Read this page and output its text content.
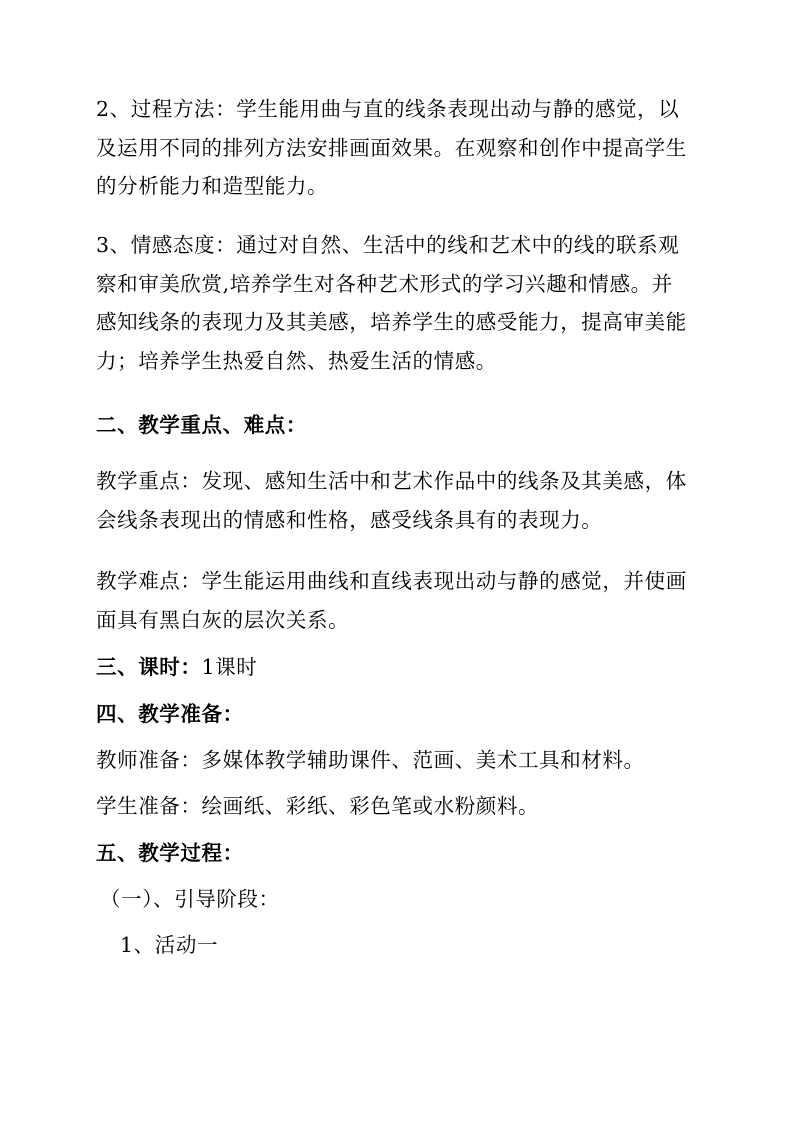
2、过程方法：学生能用曲与直的线条表现出动与静的感觉，以
及运用不同的排列方法安排画面效果。在观察和创作中提高学生
的分析能力和造型能力。
3、情感态度：通过对自然、生活中的线和艺术中的线的联系观
察和审美欣赏,培养学生对各种艺术形式的学习兴趣和情感。并
感知线条的表现力及其美感，培养学生的感受能力，提高审美能
力；培养学生热爱自然、热爱生活的情感。
二、教学重点、难点：
教学重点：发现、感知生活中和艺术作品中的线条及其美感，体
会线条表现出的情感和性格，感受线条具有的表现力。
教学难点：学生能运用曲线和直线表现出动与静的感觉，并使画
面具有黑白灰的层次关系。
三、课时：1课时
四、教学准备：
教师准备：多媒体教学辅助课件、范画、美术工具和材料。
学生准备：绘画纸、彩纸、彩色笔或水粉颜料。
五、教学过程：
（一）、引导阶段：
1、活动一
